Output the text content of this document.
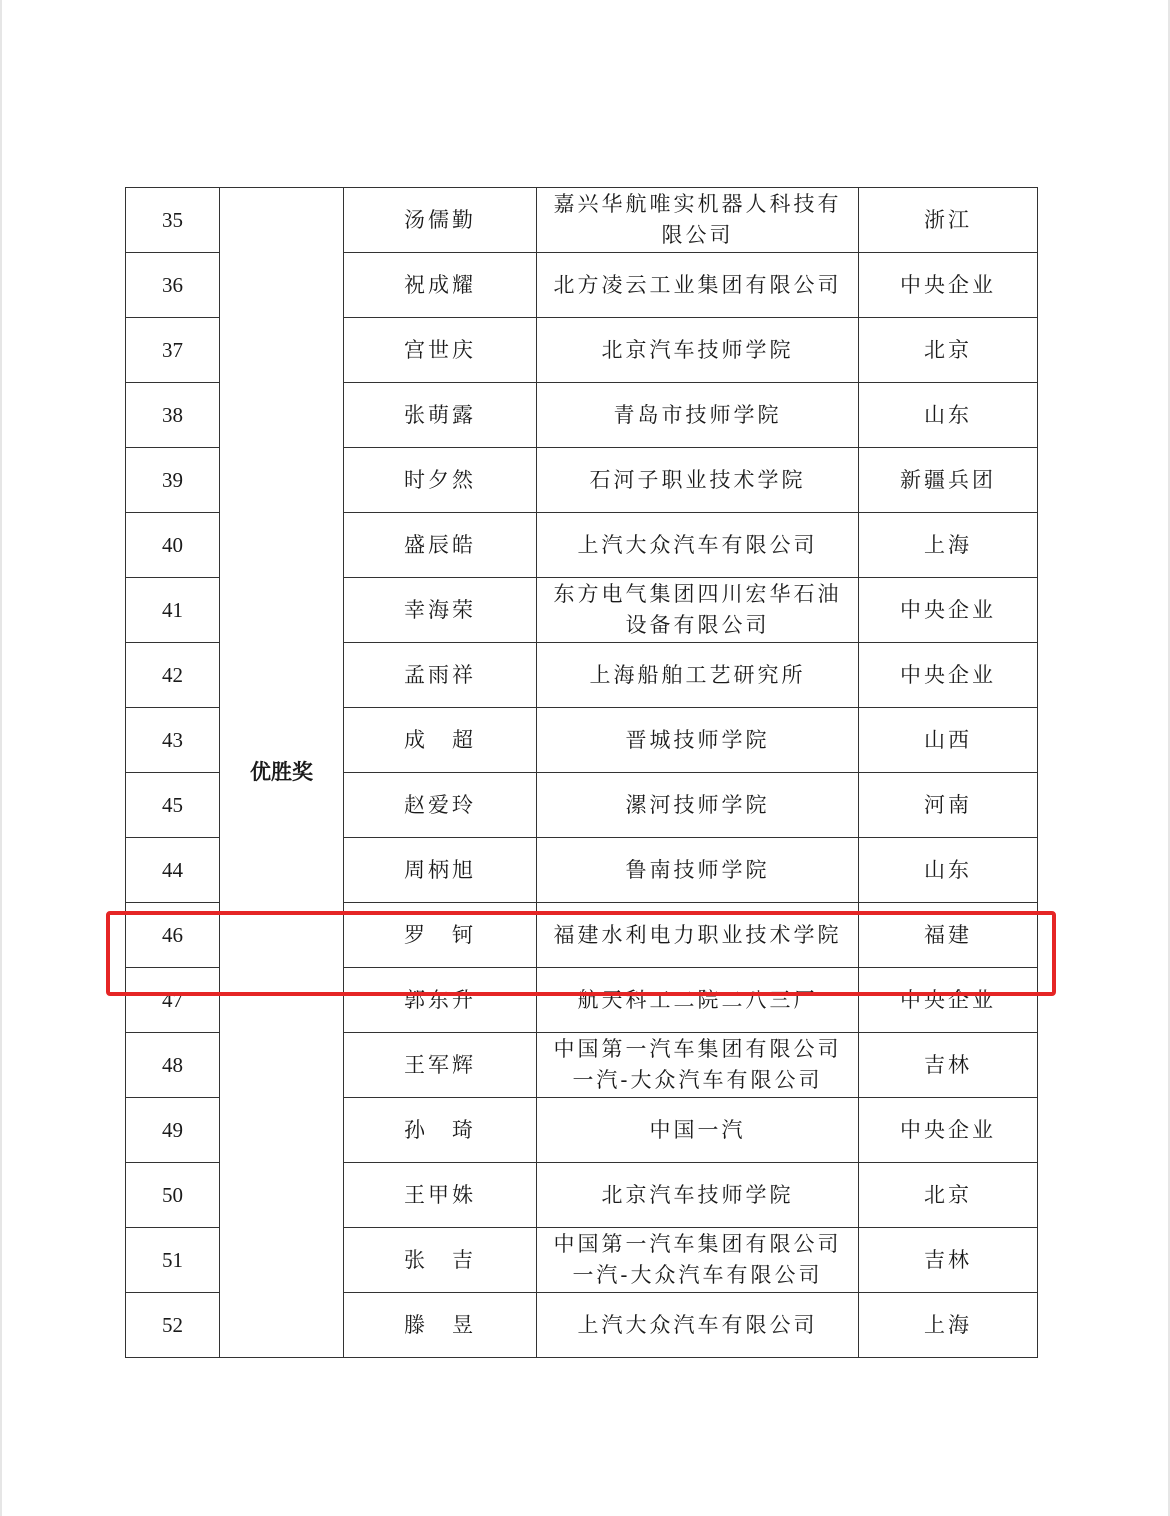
35	优胜奖	汤儒勤	嘉兴华航唯实机器人科技有限公司	浙江
36		祝成耀	北方凌云工业集团有限公司	中央企业
37		宫世庆	北京汽车技师学院	北京
38		张萌露	青岛市技师学院	山东
39		时夕然	石河子职业技术学院	新疆兵团
40		盛辰皓	上汽大众汽车有限公司	上海
41		幸海荣	东方电气集团四川宏华石油设备有限公司	中央企业
42		孟雨祥	上海船舶工艺研究所	中央企业
43		成　超	晋城技师学院	山西
45		赵爱玲	漯河技师学院	河南
44		周柄旭	鲁南技师学院	山东
46		罗　钶	福建水利电力职业技术学院	福建
47		郭东升	航天科工二院二八三厂	中央企业
48		王军辉	中国第一汽车集团有限公司一汽-大众汽车有限公司	吉林
49		孙　琦	中国一汽	中央企业
50		王甲姝	北京汽车技师学院	北京
51		张　吉	中国第一汽车集团有限公司一汽-大众汽车有限公司	吉林
52		滕　昱	上汽大众汽车有限公司	上海
